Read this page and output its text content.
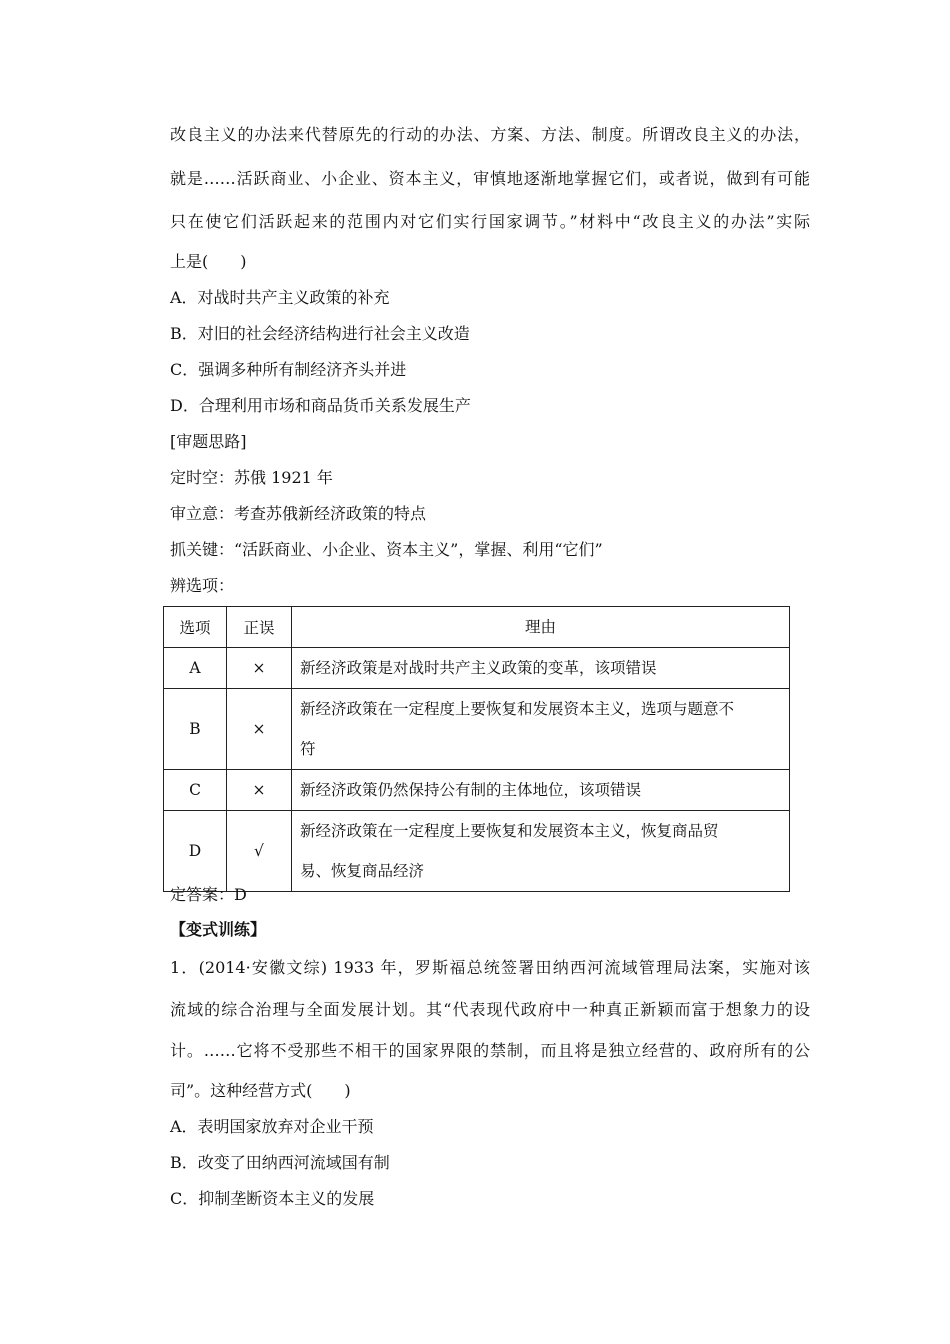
改良主义的办法来代替原先的行动的办法、方案、方法、制度。所谓改良主义的办法，
就是……活跃商业、小企业、资本主义，审慎地逐渐地掌握它们，或者说，做到有可能
只在使它们活跃起来的范围内对它们实行国家调节。”材料中“改良主义的办法”实际
上是(　　)
A．对战时共产主义政策的补充
B．对旧的社会经济结构进行社会主义改造
C．强调多种所有制经济齐头并进
D．合理利用市场和商品货币关系发展生产
[审题思路]
定时空：苏俄 1921 年
审立意：考查苏俄新经济政策的特点
抓关键：“活跃商业、小企业、资本主义”，掌握、利用“它们”
辨选项：
选项	正误	理由
A	×	新经济政策是对战时共产主义政策的变革，该项错误
B	×	新经济政策在一定程度上要恢复和发展资本主义，选项与题意不
符

C	×	新经济政策仍然保持公有制的主体地位，该项错误
D	√	新经济政策在一定程度上要恢复和发展资本主义，恢复商品贸
易、恢复商品经济
定答案：D
【变式训练】
1．(2014·安徽文综) 1933 年，罗斯福总统签署田纳西河流域管理局法案，实施对该
流域的综合治理与全面发展计划。其“代表现代政府中一种真正新颖而富于想象力的设
计。……它将不受那些不相干的国家界限的禁制，而且将是独立经营的、政府所有的公
司”。这种经营方式(　　)
A．表明国家放弃对企业干预
B．改变了田纳西河流域国有制
C．抑制垄断资本主义的发展
